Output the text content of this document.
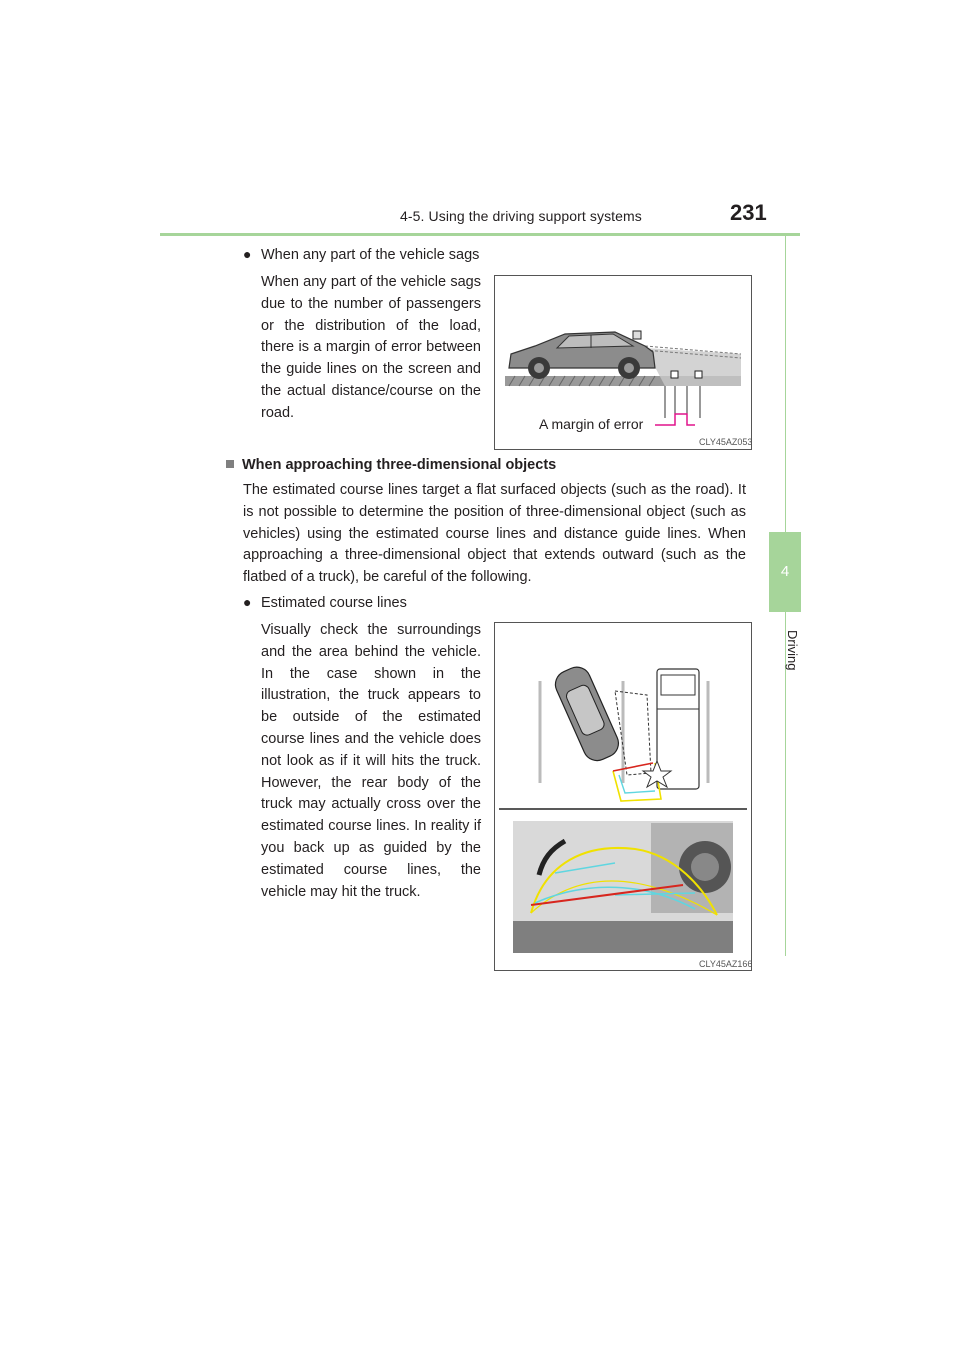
4-5. Using the driving support systems	231
4
Driving
● When any part of the vehicle sags
When any part of the vehicle sags due to the number of passengers or the distribution of the load, there is a margin of error between the guide lines on the screen and the actual distance/course on the road.
A margin of error
CLY45AZ053
When approaching three-dimensional objects
The estimated course lines target a flat surfaced objects (such as the road). It is not possible to determine the position of three-dimensional object (such as vehicles) using the estimated course lines and distance guide lines. When approaching a three-dimensional object that extends outward (such as the flatbed of a truck), be careful of the following.
● Estimated course lines
Visually check the surroundings and the area behind the vehicle. In the case shown in the illustration, the truck appears to be outside of the estimated course lines and the vehicle does not look as if it will hits the truck. However, the rear body of the truck may actually cross over the estimated course lines. In reality if you back up as guided by the estimated course lines, the vehicle may hit the truck.
CLY45AZ166
